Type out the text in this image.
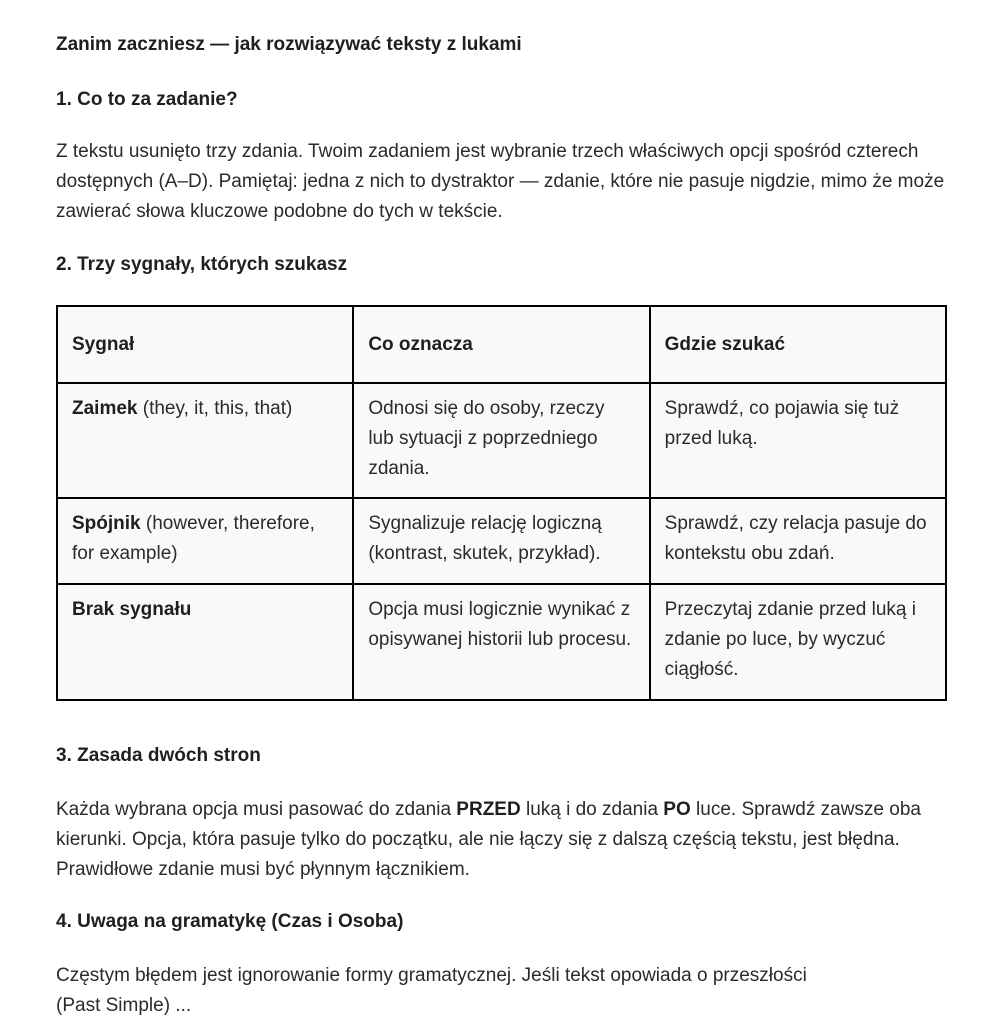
Zanim zaczniesz — jak rozwiązywać teksty z lukami
1. Co to za zadanie?
Z tekstu usunięto trzy zdania. Twoim zadaniem jest wybranie trzech właściwych opcji spośród czterech dostępnych (A–D). Pamiętaj: jedna z nich to dystraktor — zdanie, które nie pasuje nigdzie, mimo że może zawierać słowa kluczowe podobne do tych w tekście.
2. Trzy sygnały, których szukasz
Sygnał	Co oznacza	Gdzie szukać
Zaimek (they, it, this, that)	Odnosi się do osoby, rzeczy lub sytuacji z poprzedniego zdania.	Sprawdź, co pojawia się tuż przed luką.
Spójnik (however, therefore, for example)	Sygnalizuje relację logiczną (kontrast, skutek, przykład).	Sprawdź, czy relacja pasuje do kontekstu obu zdań.
Brak sygnału	Opcja musi logicznie wynikać z opisywanej historii lub procesu.	Przeczytaj zdanie przed luką i zdanie po luce, by wyczuć ciągłość.
3. Zasada dwóch stron
Każda wybrana opcja musi pasować do zdania PRZED luką i do zdania PO luce. Sprawdź zawsze oba kierunki. Opcja, która pasuje tylko do początku, ale nie łączy się z dalszą częścią tekstu, jest błędna. Prawidłowe zdanie musi być płynnym łącznikiem.
4. Uwaga na gramatykę (Czas i Osoba)
Częstym błędem jest ignorowanie formy gramatycznej. Jeśli tekst opowiada o przeszłości
(Past Simple) ...
